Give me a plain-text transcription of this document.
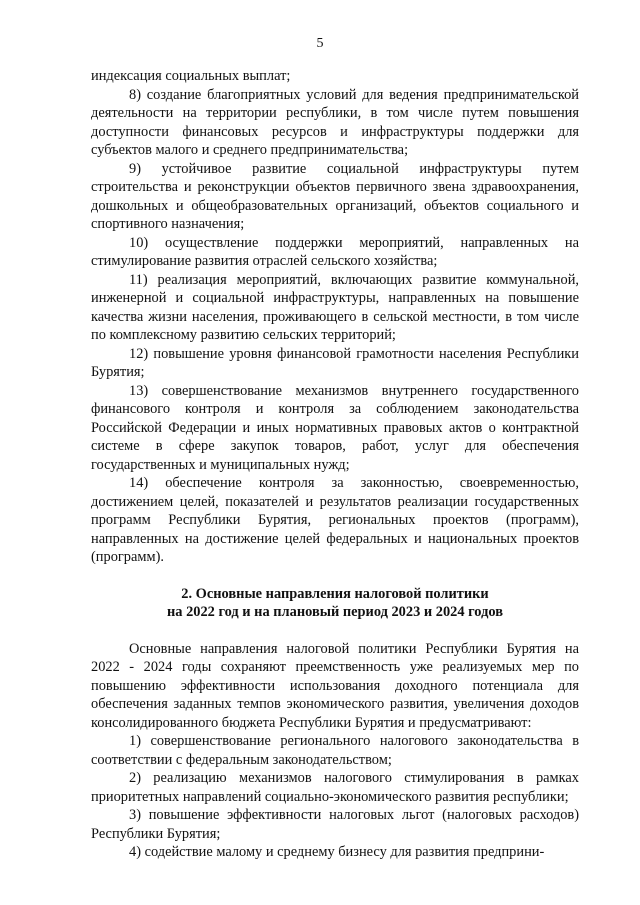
5

индексация социальных выплат;

8) создание благоприятных условий для ведения предпринимательской деятельности на территории республики, в том числе путем повышения доступности финансовых ресурсов и инфраструктуры поддержки для субъектов малого и среднего предпринимательства;

9) устойчивое развитие социальной инфраструктуры путем строительства и реконструкции объектов первичного звена здравоохранения, дошкольных и общеобразовательных организаций, объектов социального и спортивного назначения;

10) осуществление поддержки мероприятий, направленных на стимулирование развития отраслей сельского хозяйства;

11) реализация мероприятий, включающих развитие коммунальной, инженерной и социальной инфраструктуры, направленных на повышение качества жизни населения, проживающего в сельской местности, в том числе по комплексному развитию сельских территорий;

12) повышение уровня финансовой грамотности населения Республики Бурятия;

13) совершенствование механизмов внутреннего государственного финансового контроля и контроля за соблюдением законодательства Российской Федерации и иных нормативных правовых актов о контрактной системе в сфере закупок товаров, работ, услуг для обеспечения государственных и муниципальных нужд;

14) обеспечение контроля за законностью, своевременностью, достижением целей, показателей и результатов реализации государственных программ Республики Бурятия, региональных проектов (программ), направленных на достижение целей федеральных и национальных проектов (программ).

2. Основные направления налоговой политики

на 2022 год и на плановый период 2023 и 2024 годов

Основные направления налоговой политики Республики Бурятия на 2022 - 2024 годы сохраняют преемственность уже реализуемых мер по повышению эффективности использования доходного потенциала для обеспечения заданных темпов экономического развития, увеличения доходов консолидированного бюджета Республики Бурятия и предусматривают:

1) совершенствование регионального налогового законодательства в соответствии с федеральным законодательством;

2) реализацию механизмов налогового стимулирования в рамках приоритетных направлений социально-экономического развития республики;

3) повышение эффективности налоговых льгот (налоговых расходов) Республики Бурятия;

4) содействие малому и среднему бизнесу для развития предприни-
